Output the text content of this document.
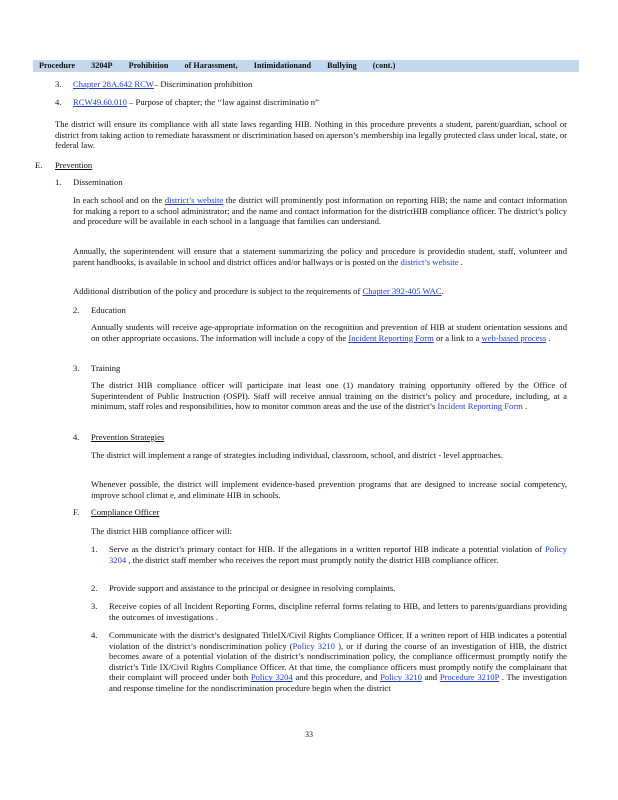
Procedure 3204P Prohibition of Harassment, Intimidationand Bullying (cont.)
3. Chapter 28A.642 RCW– Discrimination prohibition
4. RCW49.60.010 – Purpose of chapter; the ‘‘law against discriminatio n”
The district will ensure its compliance with all state laws regarding HIB. Nothing in this procedure prevents a student, parent/guardian, school or district from taking action to remediate harassment or discrimination based on aperson’s membership ina legally protected class under local, state, or federal law.
E. Prevention
1. Dissemination
In each school and on the district’s website the district will prominently post information on reporting HIB; the name and contact information for making a report to a school administrator; and the name and contact information for the districtHIB compliance officer. The district’s policy and procedure will be available in each school in a language that families can understand.
Annually, the superintendent will ensure that a statement summarizing the policy and procedure is providedin student, staff, volunteer and parent handbooks, is available in school and district offices and/or hallways or is posted on the district’s website .
Additional distribution of the policy and procedure is subject to the requirements of Chapter 392-405 WAC.
2. Education
Annually students will receive age-appropriate information on the recognition and prevention of HIB at student orientation sessions and on other appropriate occasions. The information will include a copy of the Incident Reporting Form or a link to a web-based process .
3. Training
The district HIB compliance officer will participate inat least one (1) mandatory training opportunity offered by the Office of Superintendent of Public Instruction (OSPI). Staff will receive annual training on the district’s policy and procedure, including, at a minimum, staff roles and responsibilities, how to monitor common areas and the use of the district’s Incident Reporting Form .
4. Prevention Strategies
The district will implement a range of strategies including individual, classroom, school, and district - level approaches.
Whenever possible, the district will implement evidence-based prevention programs that are designed to increase social competency, improve school climat e, and eliminate HIB in schools.
F. Compliance Officer
The district HIB compliance officer will:
1. Serve as the district’s primary contact for HIB. If the allegations in a written reportof HIB indicate a potential violation of Policy 3204 , the district staff member who receives the report must promptly notify the district HIB compliance officer.
2. Provide support and assistance to the principal or designee in resolving complaints.
3. Receive copies of all Incident Reporting Forms, discipline referral forms relating to HIB, and letters to parents/guardians providing the outcomes of investigations .
4. Communicate with the district’s designated TitleIX/Civil Rights Compliance Officer. If a written report of HIB indicates a potential violation of the district’s nondiscrimination policy (Policy 3210 ), or if during the course of an investigation of HIB, the district becomes aware of a potential violation of the district’s nondiscrimination policy, the compliance officermust promptly notify the district’s Title IX/Civil Rights Compliance Officer. At that time, the compliance officers must promptly notify the complainant that their complaint will proceed under both Policy 3204 and this procedure, and Policy 3210 and Procedure 3210P . The investigation and response timeline for the nondiscrimination procedure begin when the district
33
